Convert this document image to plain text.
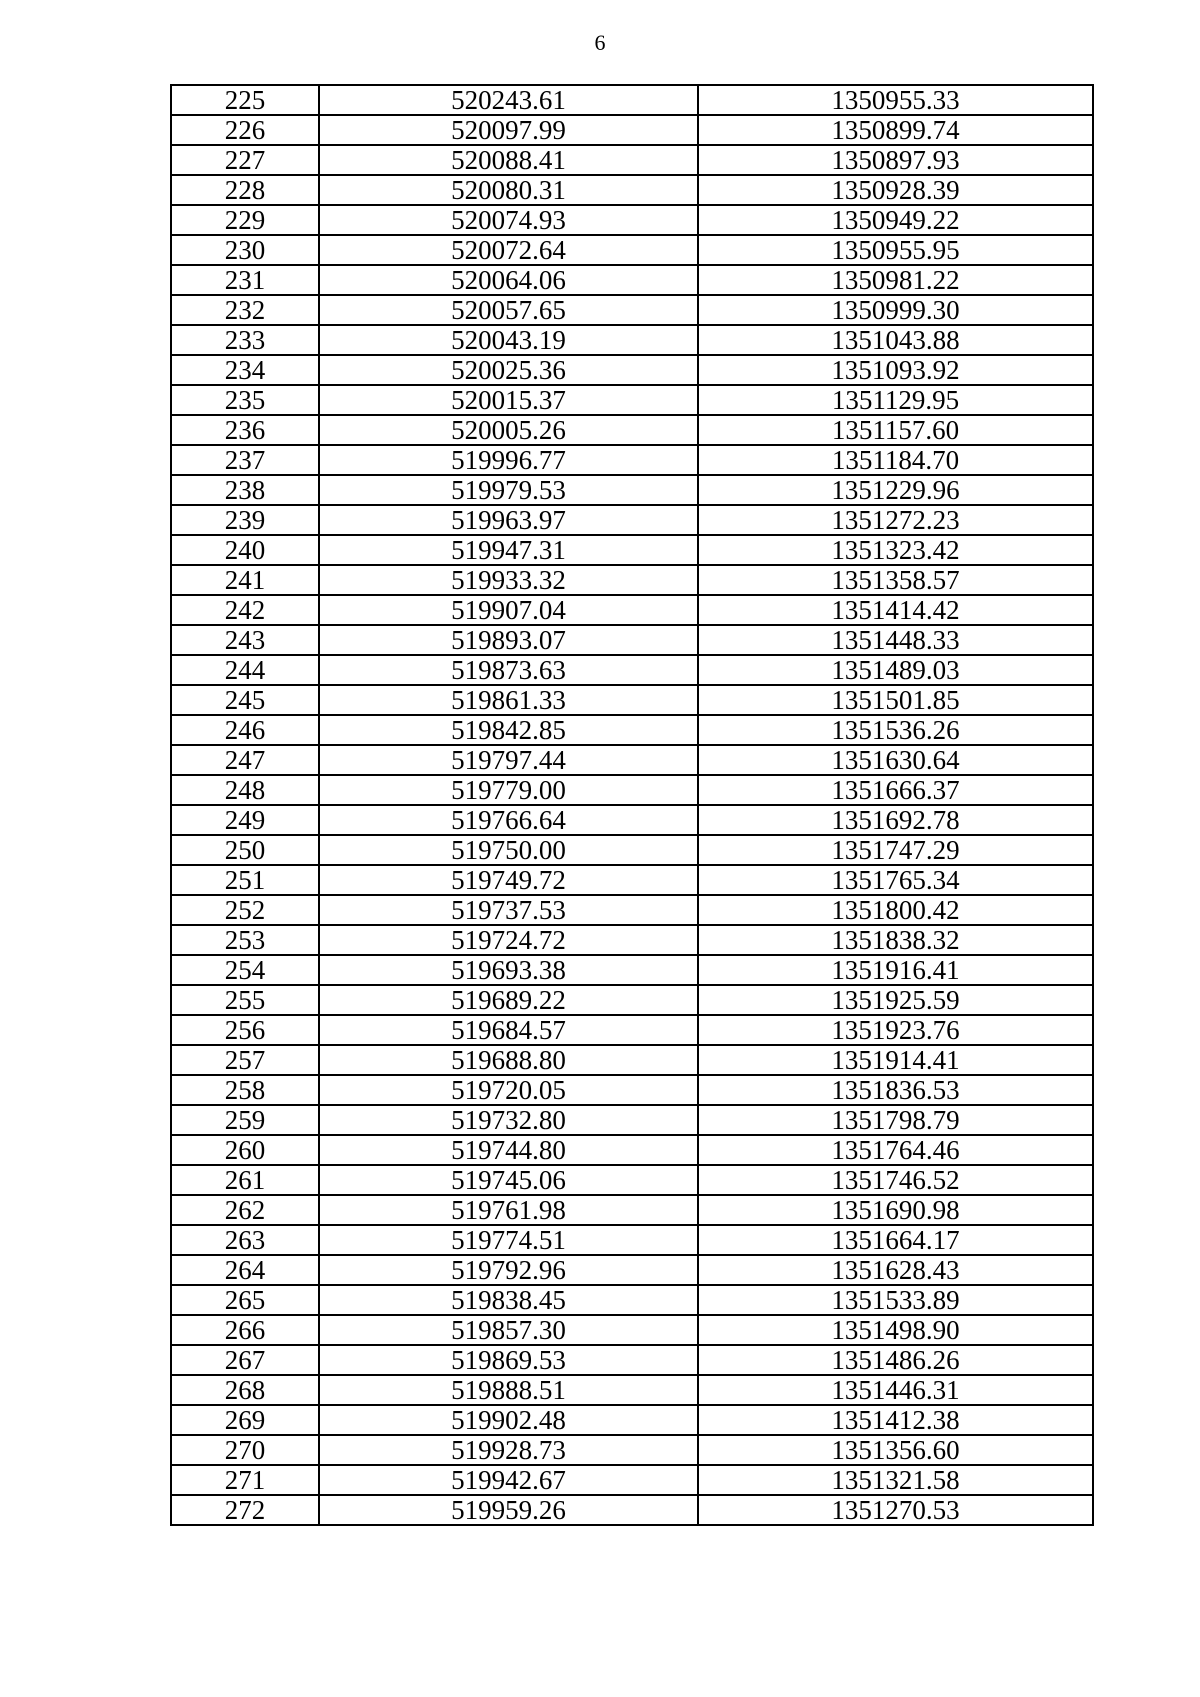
6
225	520243.61	1350955.33
226	520097.99	1350899.74
227	520088.41	1350897.93
228	520080.31	1350928.39
229	520074.93	1350949.22
230	520072.64	1350955.95
231	520064.06	1350981.22
232	520057.65	1350999.30
233	520043.19	1351043.88
234	520025.36	1351093.92
235	520015.37	1351129.95
236	520005.26	1351157.60
237	519996.77	1351184.70
238	519979.53	1351229.96
239	519963.97	1351272.23
240	519947.31	1351323.42
241	519933.32	1351358.57
242	519907.04	1351414.42
243	519893.07	1351448.33
244	519873.63	1351489.03
245	519861.33	1351501.85
246	519842.85	1351536.26
247	519797.44	1351630.64
248	519779.00	1351666.37
249	519766.64	1351692.78
250	519750.00	1351747.29
251	519749.72	1351765.34
252	519737.53	1351800.42
253	519724.72	1351838.32
254	519693.38	1351916.41
255	519689.22	1351925.59
256	519684.57	1351923.76
257	519688.80	1351914.41
258	519720.05	1351836.53
259	519732.80	1351798.79
260	519744.80	1351764.46
261	519745.06	1351746.52
262	519761.98	1351690.98
263	519774.51	1351664.17
264	519792.96	1351628.43
265	519838.45	1351533.89
266	519857.30	1351498.90
267	519869.53	1351486.26
268	519888.51	1351446.31
269	519902.48	1351412.38
270	519928.73	1351356.60
271	519942.67	1351321.58
272	519959.26	1351270.53
